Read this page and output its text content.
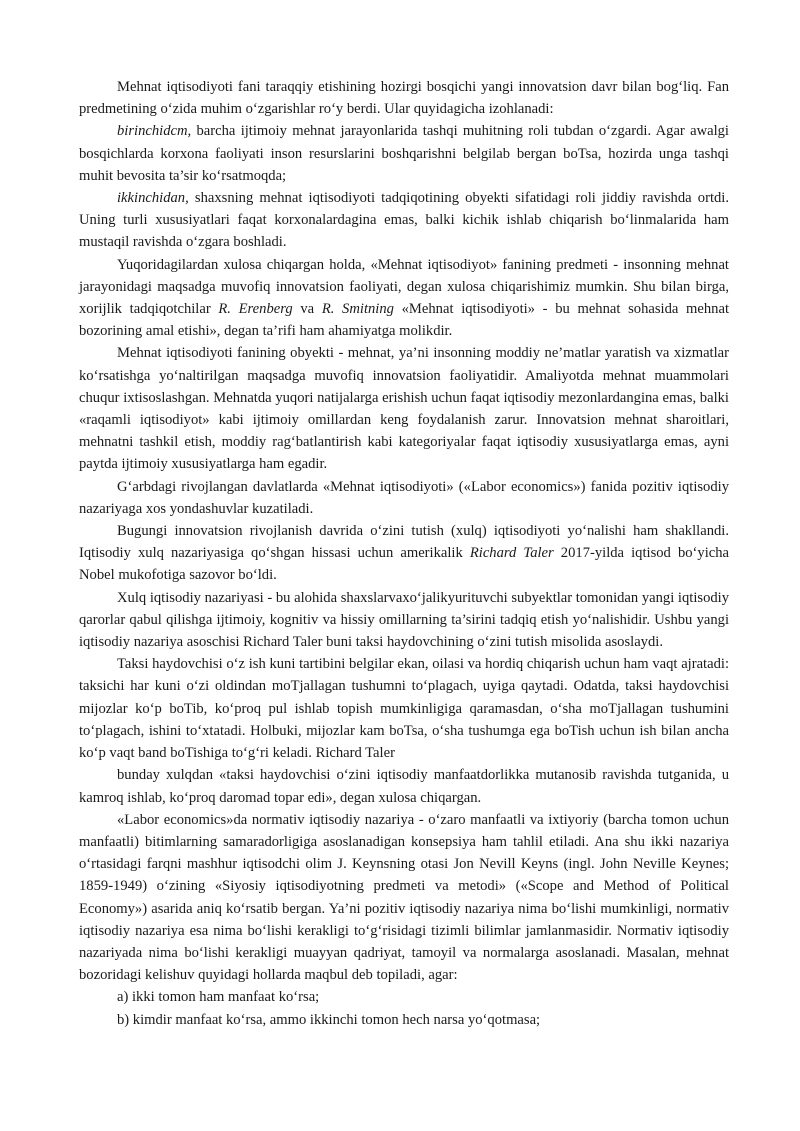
Mehnat iqtisodiyoti fani taraqqiy etishining hozirgi bosqichi yangi innovatsion davr bilan bog‘liq. Fan predmetining o‘zida muhim o‘zgarishlar ro‘y berdi. Ular quyidagicha izohlanadi:

birinchidcm, barcha ijtimoiy mehnat jarayonlarida tashqi muhitning roli tubdan o‘zgardi. Agar awalgi bosqichlarda korxona faoliyati inson resurslarini boshqarishni belgilab bergan boTsa, hozirda unga tashqi muhit bevosita ta’sir ko‘rsatmoqda;

ikkinchidan, shaxsning mehnat iqtisodiyoti tadqiqotining obyekti sifatidagi roli jiddiy ravishda ortdi. Uning turli xususiyatlari faqat korxonalardagina emas, balki kichik ishlab chiqarish bo‘linmalarida ham mustaqil ravishda o‘zgara boshladi.

Yuqoridagilardan xulosa chiqargan holda, «Mehnat iqtisodiyot» fanining predmeti - insonning mehnat jarayonidagi maqsadga muvofiq innovatsion faoliyati, degan xulosa chiqarishimiz mumkin. Shu bilan birga, xorijlik tadqiqotchilar R. Erenberg va R. Smitning «Mehnat iqtisodiyoti» - bu mehnat sohasida mehnat bozorining amal etishi», degan ta’rifi ham ahamiyatga molikdir.

Mehnat iqtisodiyoti fanining obyekti - mehnat, ya’ni insonning moddiy ne’matlar yaratish va xizmatlar ko‘rsatishga yo‘naltirilgan maqsadga muvofiq innovatsion faoliyatidir. Amaliyotda mehnat muammolari chuqur ixtisoslashgan. Mehnatda yuqori natijalarga erishish uchun faqat iqtisodiy mezonlardangina emas, balki «raqamli iqtisodiyot» kabi ijtimoiy omillardan keng foydalanish zarur. Innovatsion mehnat sharoitlari, mehnatni tashkil etish, moddiy rag‘batlantirish kabi kategoriyalar faqat iqtisodiy xususiyatlarga emas, ayni paytda ijtimoiy xususiyatlarga ham egadir.

G‘arbdagi rivojlangan davlatlarda «Mehnat iqtisodiyoti» («Labor economics») fanida pozitiv iqtisodiy nazariyaga xos yondashuvlar kuzatiladi.

Bugungi innovatsion rivojlanish davrida o‘zini tutish (xulq) iqtisodiyoti yo‘nalishi ham shakllandi. Iqtisodiy xulq nazariyasiga qo‘shgan hissasi uchun amerikalik Richard Taler 2017-yilda iqtisod bo‘yicha Nobel mukofotiga sazovor bo‘ldi.

Xulq iqtisodiy nazariyasi - bu alohida shaxslarvaxo‘jalikyurituvchi subyektlar tomonidan yangi iqtisodiy qarorlar qabul qilishga ijtimoiy, kognitiv va hissiy omillarning ta’sirini tadqiq etish yo‘nalishidir. Ushbu yangi iqtisodiy nazariya asoschisi Richard Taler buni taksi haydovchining o‘zini tutish misolida asoslaydi.

Taksi haydovchisi o‘z ish kuni tartibini belgilar ekan, oilasi va hordiq chiqarish uchun ham vaqt ajratadi: taksichi har kuni o‘zi oldindan moTjallagan tushumni to‘plagach, uyiga qaytadi. Odatda, taksi haydovchisi mijozlar ko‘p boTib, ko‘proq pul ishlab topish mumkinligiga qaramasdan, o‘sha moTjallagan tushumini to‘plagach, ishini to‘xtatadi. Holbuki, mijozlar kam boTsa, o‘sha tushumga ega boTish uchun ish bilan ancha ko‘p vaqt band boTishiga to‘g‘ri keladi. Richard Taler

bunday xulqdan «taksi haydovchisi o‘zini iqtisodiy manfaatdorlikka mutanosib ravishda tutganida, u kamroq ishlab, ko‘proq daromad topar edi», degan xulosa chiqargan.

«Labor economics»da normativ iqtisodiy nazariya - o‘zaro manfaatli va ixtiyoriy (barcha tomon uchun manfaatli) bitimlarning samaradorligiga asoslanadigan konsepsiya ham tahlil etiladi. Ana shu ikki nazariya o‘rtasidagi farqni mashhur iqtisodchi olim J. Keynsning otasi Jon Nevill Keyns (ingl. John Neville Keynes; 1859-1949) o‘zining «Siyosiy iqtisodiyotning predmeti va metodi» («Scope and Method of Political Economy») asarida aniq ko‘rsatib bergan. Ya’ni pozitiv iqtisodiy nazariya nima bo‘lishi mumkinligi, normativ iqtisodiy nazariya esa nima bo‘lishi kerakligi to‘g‘risidagi tizimli bilimlar jamlanmasidir. Normativ iqtisodiy nazariyada nima bo‘lishi kerakligi muayyan qadriyat, tamoyil va normalarga asoslanadi. Masalan, mehnat bozoridagi kelishuv quyidagi hollarda maqbul deb topiladi, agar:

a) ikki tomon ham manfaat ko‘rsa;

b) kimdir manfaat ko‘rsa, ammo ikkinchi tomon hech narsa yo‘qotmasa;
